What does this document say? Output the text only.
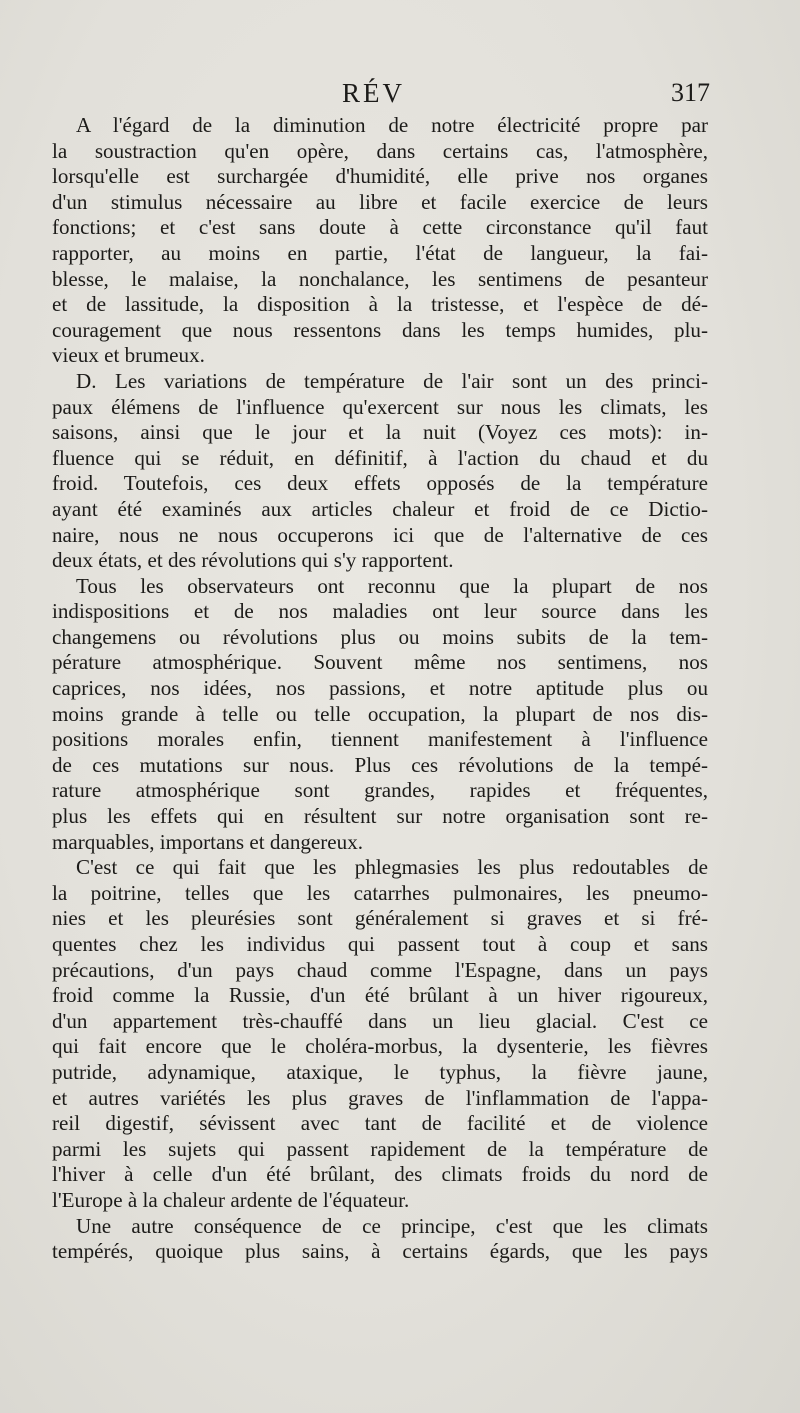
RÉV	317
A l'égard de la diminution de notre électricité propre par
la soustraction qu'en opère, dans certains cas, l'atmosphère,
lorsqu'elle est surchargée d'humidité, elle prive nos organes
d'un stimulus nécessaire au libre et facile exercice de leurs
fonctions; et c'est sans doute à cette circonstance qu'il faut
rapporter, au moins en partie, l'état de langueur, la fai-
blesse, le malaise, la nonchalance, les sentimens de pesanteur
et de lassitude, la disposition à la tristesse, et l'espèce de dé-
couragement que nous ressentons dans les temps humides, plu-
vieux et brumeux.
D. Les variations de température de l'air sont un des princi-
paux élémens de l'influence qu'exercent sur nous les climats, les
saisons, ainsi que le jour et la nuit (Voyez ces mots): in-
fluence qui se réduit, en définitif, à l'action du chaud et du
froid. Toutefois, ces deux effets opposés de la température
ayant été examinés aux articles chaleur et froid de ce Dictio-
naire, nous ne nous occuperons ici que de l'alternative de ces
deux états, et des révolutions qui s'y rapportent.
Tous les observateurs ont reconnu que la plupart de nos
indispositions et de nos maladies ont leur source dans les
changemens ou révolutions plus ou moins subits de la tem-
pérature atmosphérique. Souvent même nos sentimens, nos
caprices, nos idées, nos passions, et notre aptitude plus ou
moins grande à telle ou telle occupation, la plupart de nos dis-
positions morales enfin, tiennent manifestement à l'influence
de ces mutations sur nous. Plus ces révolutions de la tempé-
rature atmosphérique sont grandes, rapides et fréquentes,
plus les effets qui en résultent sur notre organisation sont re-
marquables, importans et dangereux.
C'est ce qui fait que les phlegmasies les plus redoutables de
la poitrine, telles que les catarrhes pulmonaires, les pneumo-
nies et les pleurésies sont généralement si graves et si fré-
quentes chez les individus qui passent tout à coup et sans
précautions, d'un pays chaud comme l'Espagne, dans un pays
froid comme la Russie, d'un été brûlant à un hiver rigoureux,
d'un appartement très-chauffé dans un lieu glacial. C'est ce
qui fait encore que le choléra-morbus, la dysenterie, les fièvres
putride, adynamique, ataxique, le typhus, la fièvre jaune,
et autres variétés les plus graves de l'inflammation de l'appa-
reil digestif, sévissent avec tant de facilité et de violence
parmi les sujets qui passent rapidement de la température de
l'hiver à celle d'un été brûlant, des climats froids du nord de
l'Europe à la chaleur ardente de l'équateur.
Une autre conséquence de ce principe, c'est que les climats
tempérés, quoique plus sains, à certains égards, que les pays
